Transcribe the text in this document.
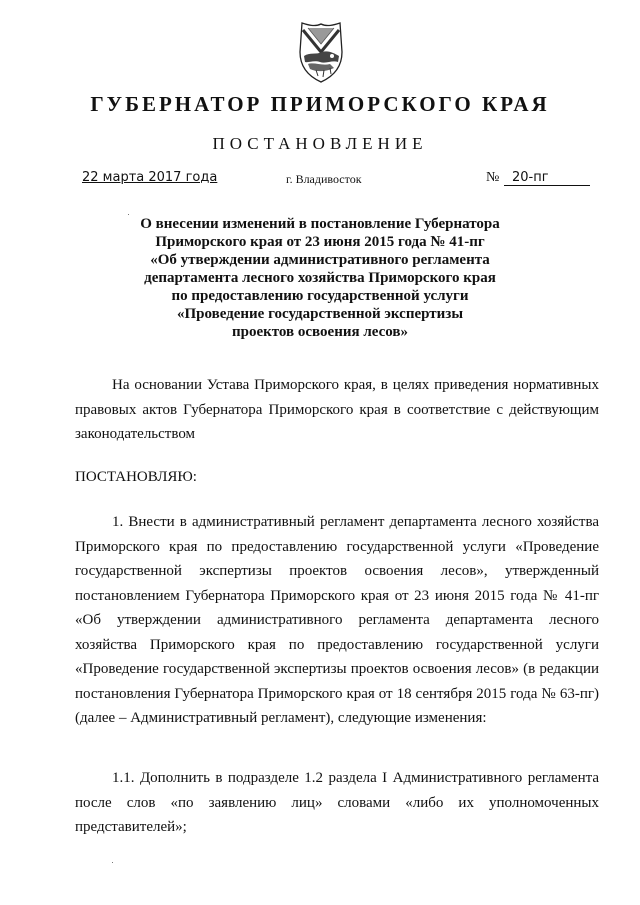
ГУБЕРНАТОР ПРИМОРСКОГО КРАЯ
ПОСТАНОВЛЕНИЕ
22 марта 2017 года	г. Владивосток	№ 20-пг
О внесении изменений в постановление Губернатора
Приморского края от 23 июня 2015 года № 41-пг
«Об утверждении административного регламента
департамента лесного хозяйства Приморского края
по предоставлению государственной услуги
«Проведение государственной экспертизы
проектов освоения лесов»
На основании Устава Приморского края, в целях приведения нормативных правовых актов Губернатора Приморского края в соответствие с действующим законодательством
ПОСТАНОВЛЯЮ:
1. Внести в административный регламент департамента лесного хозяйства Приморского края по предоставлению государственной услуги «Проведение государственной экспертизы проектов освоения лесов», утвержденный постановлением Губернатора Приморского края от 23 июня 2015 года № 41-пг «Об утверждении административного регламента департамента лесного хозяйства Приморского края по предоставлению государственной услуги «Проведение государственной экспертизы проектов освоения лесов» (в редакции постановления Губернатора Приморского края от 18 сентября 2015 года № 63-пг) (далее – Административный регламент), следующие изменения:
1.1. Дополнить в подразделе 1.2 раздела I Административного регламента после слов «по заявлению лиц» словами «либо их уполномоченных представителей»;
